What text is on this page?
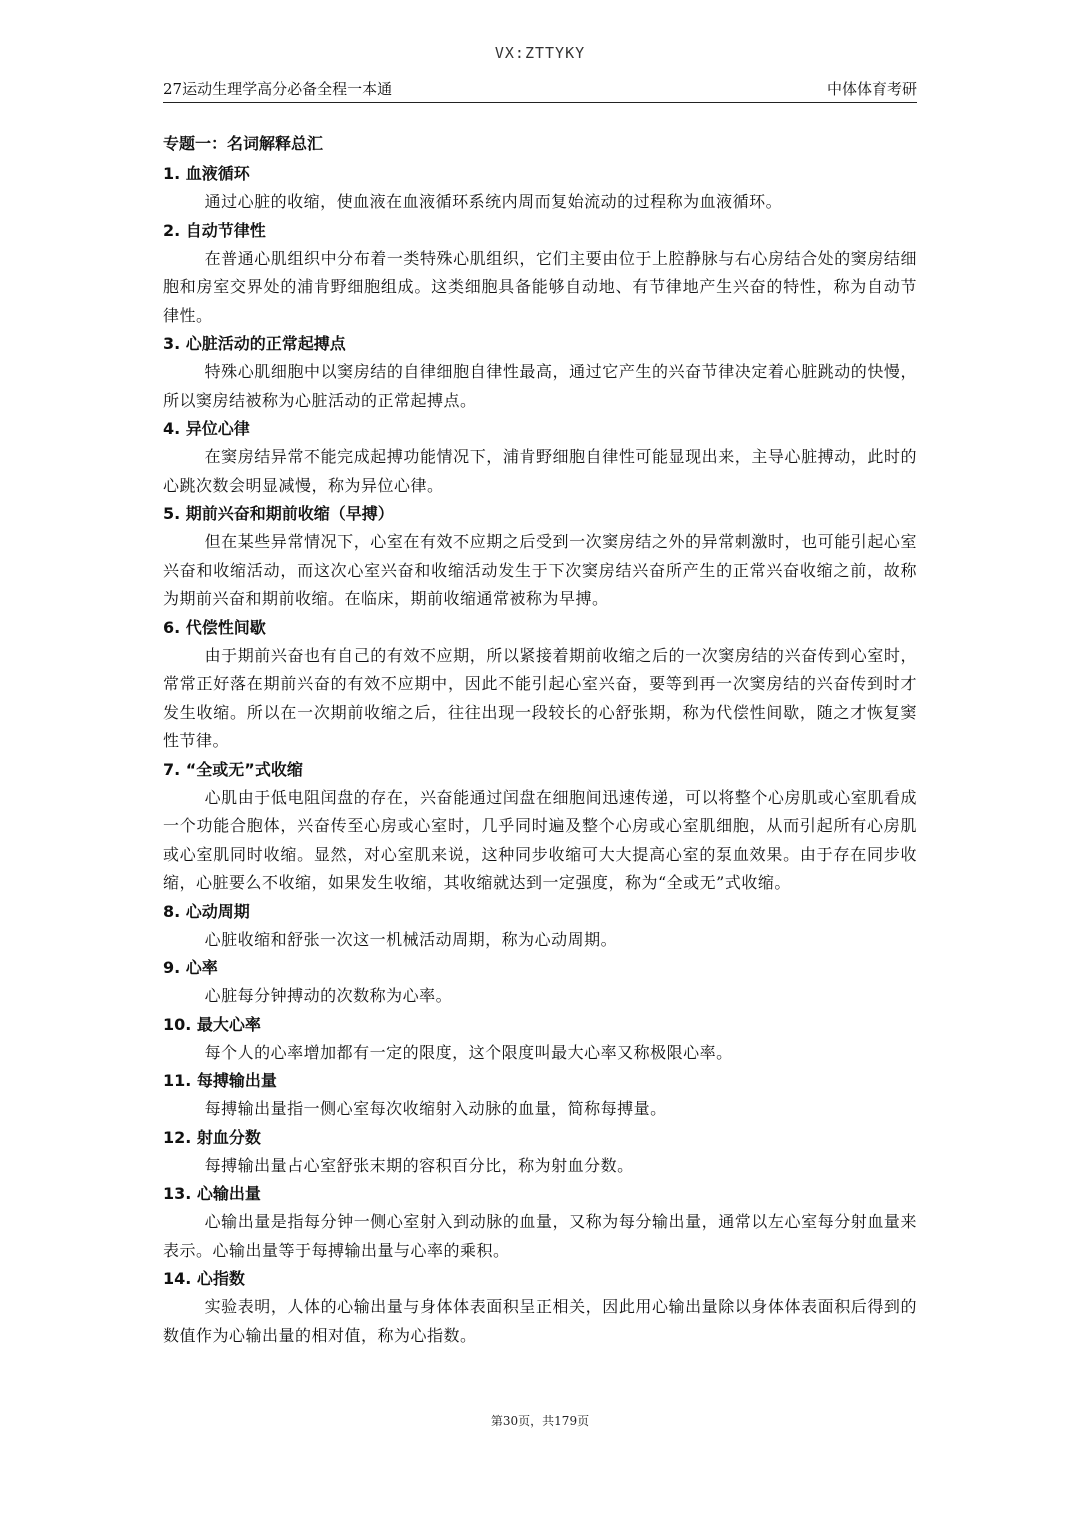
VX:ZTTYKY
27运动生理学高分必备全程一本通	中体体育考研

专题一：名词解释总汇

1. 血液循环

通过心脏的收缩，使血液在血液循环系统内周而复始流动的过程称为血液循环。

2. 自动节律性

在普通心肌组织中分布着一类特殊心肌组织，它们主要由位于上腔静脉与右心房结合处的窦房结细胞和房室交界处的浦肯野细胞组成。这类细胞具备能够自动地、有节律地产生兴奋的特性，称为自动节律性。

3. 心脏活动的正常起搏点

特殊心肌细胞中以窦房结的自律细胞自律性最高，通过它产生的兴奋节律决定着心脏跳动的快慢，所以窦房结被称为心脏活动的正常起搏点。

4. 异位心律

在窦房结异常不能完成起搏功能情况下，浦肯野细胞自律性可能显现出来，主导心脏搏动，此时的心跳次数会明显减慢，称为异位心律。

5. 期前兴奋和期前收缩（早搏）

但在某些异常情况下，心室在有效不应期之后受到一次窦房结之外的异常刺激时，也可能引起心室兴奋和收缩活动，而这次心室兴奋和收缩活动发生于下次窦房结兴奋所产生的正常兴奋收缩之前，故称为期前兴奋和期前收缩。在临床，期前收缩通常被称为早搏。

6. 代偿性间歇

由于期前兴奋也有自己的有效不应期，所以紧接着期前收缩之后的一次窦房结的兴奋传到心室时，常常正好落在期前兴奋的有效不应期中，因此不能引起心室兴奋，要等到再一次窦房结的兴奋传到时才发生收缩。所以在一次期前收缩之后，往往出现一段较长的心舒张期，称为代偿性间歇，随之才恢复窦性节律。

7. “全或无”式收缩

心肌由于低电阻闰盘的存在，兴奋能通过闰盘在细胞间迅速传递，可以将整个心房肌或心室肌看成一个功能合胞体，兴奋传至心房或心室时，几乎同时遍及整个心房或心室肌细胞，从而引起所有心房肌或心室肌同时收缩。显然，对心室肌来说，这种同步收缩可大大提高心室的泵血效果。由于存在同步收缩，心脏要么不收缩，如果发生收缩，其收缩就达到一定强度，称为“全或无”式收缩。

8. 心动周期

心脏收缩和舒张一次这一机械活动周期，称为心动周期。

9. 心率

心脏每分钟搏动的次数称为心率。

10. 最大心率

每个人的心率增加都有一定的限度，这个限度叫最大心率又称极限心率。

11. 每搏输出量

每搏输出量指一侧心室每次收缩射入动脉的血量，简称每搏量。

12. 射血分数

每搏输出量占心室舒张末期的容积百分比，称为射血分数。

13. 心输出量

心输出量是指每分钟一侧心室射入到动脉的血量，又称为每分输出量，通常以左心室每分射血量来表示。心输出量等于每搏输出量与心率的乘积。

14. 心指数

实验表明，人体的心输出量与身体体表面积呈正相关，因此用心输出量除以身体体表面积后得到的数值作为心输出量的相对值，称为心指数。

第30页，共179页
